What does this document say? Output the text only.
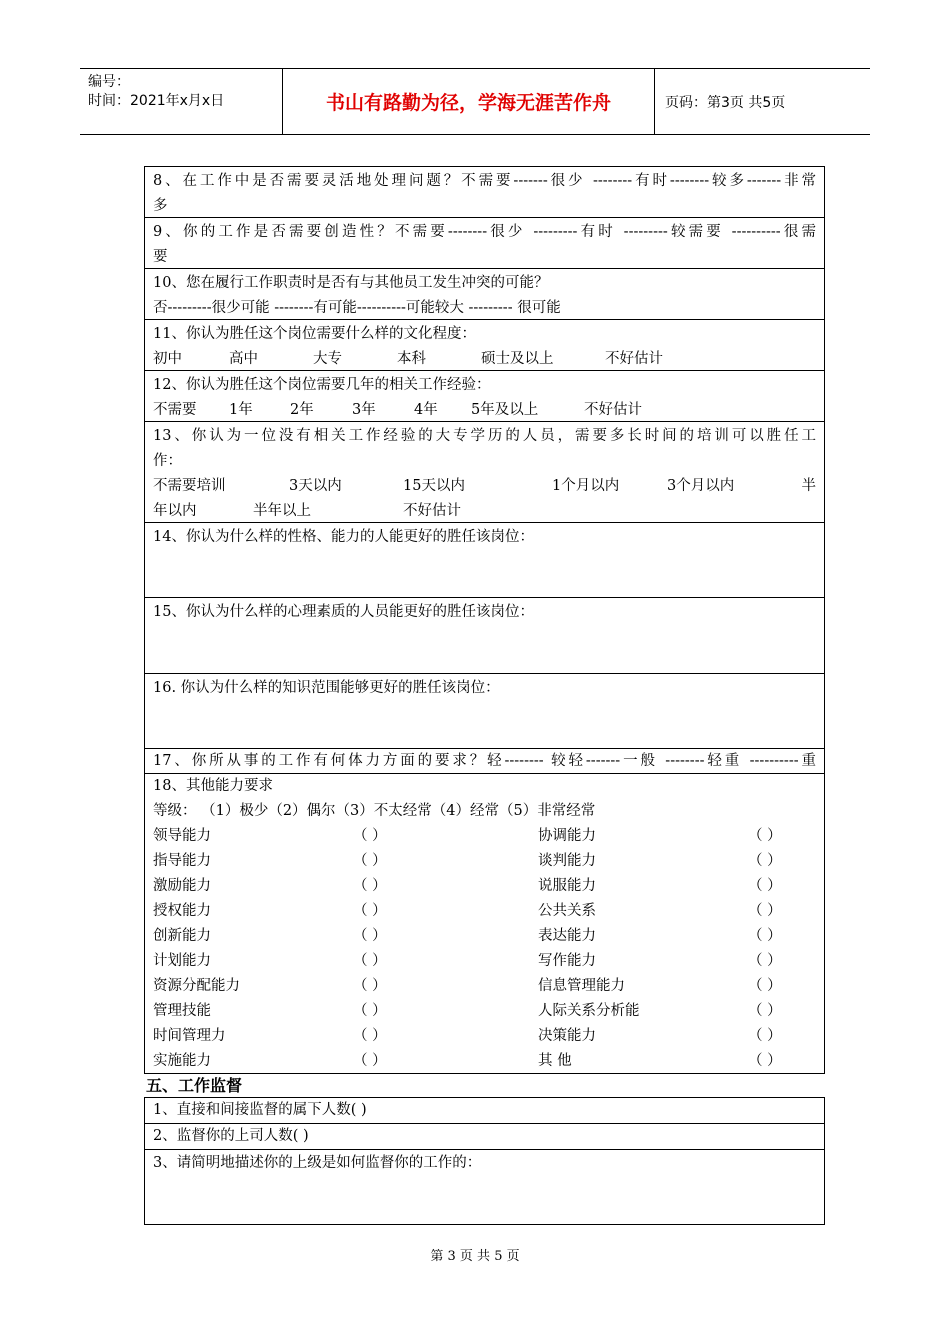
编号：
时间：2021年x月x日	书山有路勤为径，学海无涯苦作舟	页码：第3页 共5页
8、在工作中是否需要灵活地处理问题？不需要-------很少 --------有时--------较多-------非常
多
9、你的工作是否需要创造性？不需要--------很少 ---------有时 ---------较需要 ----------很需
要
10、您在履行工作职责时是否有与其他员工发生冲突的可能？
否---------很少可能 --------有可能----------可能较大 --------- 很可能
11、你认为胜任这个岗位需要什么样的文化程度：
初中	高中	大专	本科	硕士及以上	不好估计
12、你认为胜任这个岗位需要几年的相关工作经验：
不需要	1年	2年	3年	4年	5年及以上	不好估计
13、你认为一位没有相关工作经验的大专学历的人员，需要多长时间的培训可以胜任工
作：
不需要培训	3天以内	15天以内	1个月以内	3个月以内	半
年以内	半年以上	不好估计
14、你认为什么样的性格、能力的人能更好的胜任该岗位：
15、你认为什么样的心理素质的人员能更好的胜任该岗位：
16. 你认为什么样的知识范围能够更好的胜任该岗位：
17、你所从事的工作有何体力方面的要求？轻-------- 较轻-------一般 --------轻重 ----------重
18、其他能力要求
等级： （1）极少（2）偶尔（3）不太经常（4）经常（5）非常经常
领导能力	（ ）	协调能力	（ ）
指导能力	（ ）	谈判能力	（ ）
激励能力	（ ）	说服能力	（ ）
授权能力	（ ）	公共关系	（ ）
创新能力	（ ）	表达能力	（ ）
计划能力	（ ）	写作能力	（ ）
资源分配能力	（ ）	信息管理能力	（ ）
管理技能	（ ）	人际关系分析能	（ ）
时间管理力	（ ）	决策能力	（ ）
实施能力	（ ）	其 他	（ ）
五、工作监督
1、直接和间接监督的属下人数( )
2、监督你的上司人数( )
3、请简明地描述你的上级是如何监督你的工作的：
第 3 页 共 5 页
